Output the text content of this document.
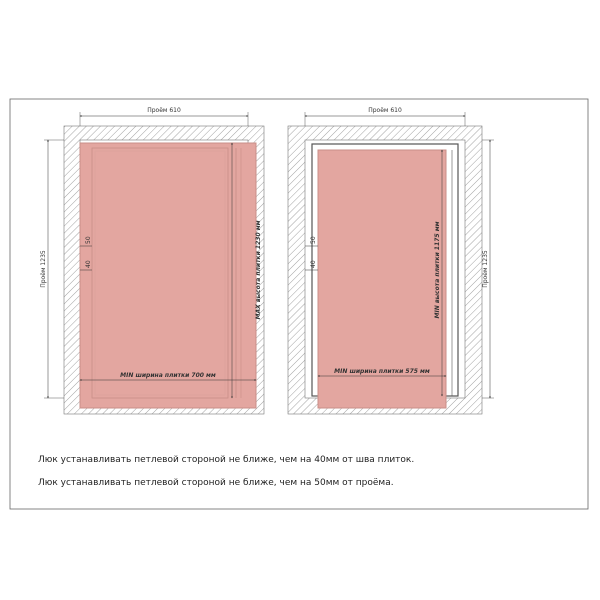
Проём 610
Проём 1235
50
40	MAX высота плитки 1230 мм
MIN ширина плитки 700 мм
Проём 610
Проём 1235
50
40	MIN высота плитки 1175 мм
MIN ширина плитки 575 мм
Люк устанавливать петлевой стороной не ближе, чем на 40мм от шва плиток.
Люк устанавливать петлевой стороной не ближе, чем на 50мм от проёма.
